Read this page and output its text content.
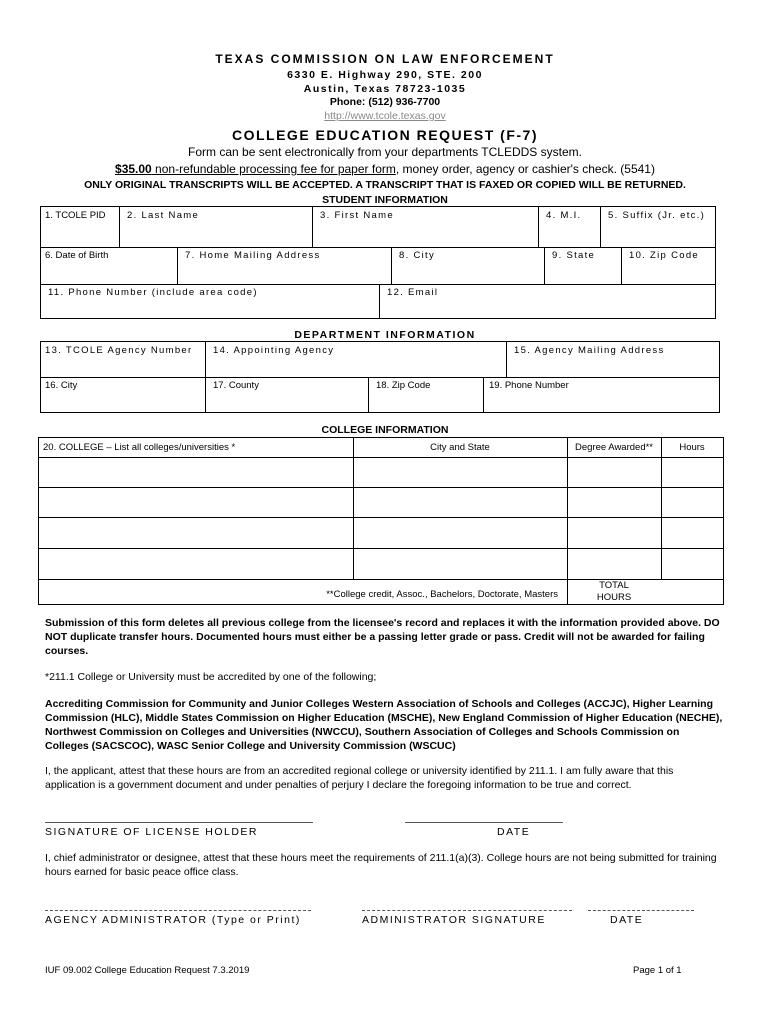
TEXAS COMMISSION ON LAW ENFORCEMENT
6330 E. Highway 290, STE. 200
Austin, Texas 78723-1035
Phone: (512) 936-7700
http://www.tcole.texas.gov
COLLEGE EDUCATION REQUEST (F-7)
Form can be sent electronically from your departments TCLEDDS system.
$35.00 non-refundable processing fee for paper form, money order, agency or cashier's check. (5541)
ONLY ORIGINAL TRANSCRIPTS WILL BE ACCEPTED. A TRANSCRIPT THAT IS FAXED OR COPIED WILL BE RETURNED.
STUDENT INFORMATION
1. TCOLE PID	2. Last Name	3. First Name	4. M.I.	5. Suffix (Jr. etc.)
6. Date of Birth	7. Home Mailing Address	8. City	9. State	10. Zip Code
11. Phone Number (include area code)	12. Email
DEPARTMENT INFORMATION
13. TCOLE Agency Number	14. Appointing Agency	15. Agency Mailing Address
16. City	17. County	18. Zip Code	19. Phone Number
COLLEGE INFORMATION
20. COLLEGE – List all colleges/universities *	City and State	Degree Awarded**	Hours
**College credit, Assoc., Bachelors, Doctorate, Masters
TOTAL
HOURS
Submission of this form deletes all previous college from the licensee's record and replaces it with the information provided above. DO NOT duplicate transfer hours. Documented hours must either be a passing letter grade or pass. Credit will not be awarded for failing courses.
*211.1 College or University must be accredited by one of the following;
Accrediting Commission for Community and Junior Colleges Western Association of Schools and Colleges (ACCJC), Higher Learning Commission (HLC), Middle States Commission on Higher Education (MSCHE), New England Commission of Higher Education (NECHE), Northwest Commission on Colleges and Universities (NWCCU), Southern Association of Colleges and Schools Commission on Colleges (SACSCOC), WASC Senior College and University Commission (WSCUC)
I, the applicant, attest that these hours are from an accredited regional college or university identified by 211.1. I am fully aware that this application is a government document and under penalties of perjury I declare the foregoing information to be true and correct.
SIGNATURE OF LICENSE HOLDER	DATE
I, chief administrator or designee, attest that these hours meet the requirements of 211.1(a)(3). College hours are not being submitted for training hours earned for basic peace office class.
AGENCY ADMINISTRATOR (Type or Print)	ADMINISTRATOR SIGNATURE	DATE
IUF 09.002 College Education Request 7.3.2019	Page 1 of 1
